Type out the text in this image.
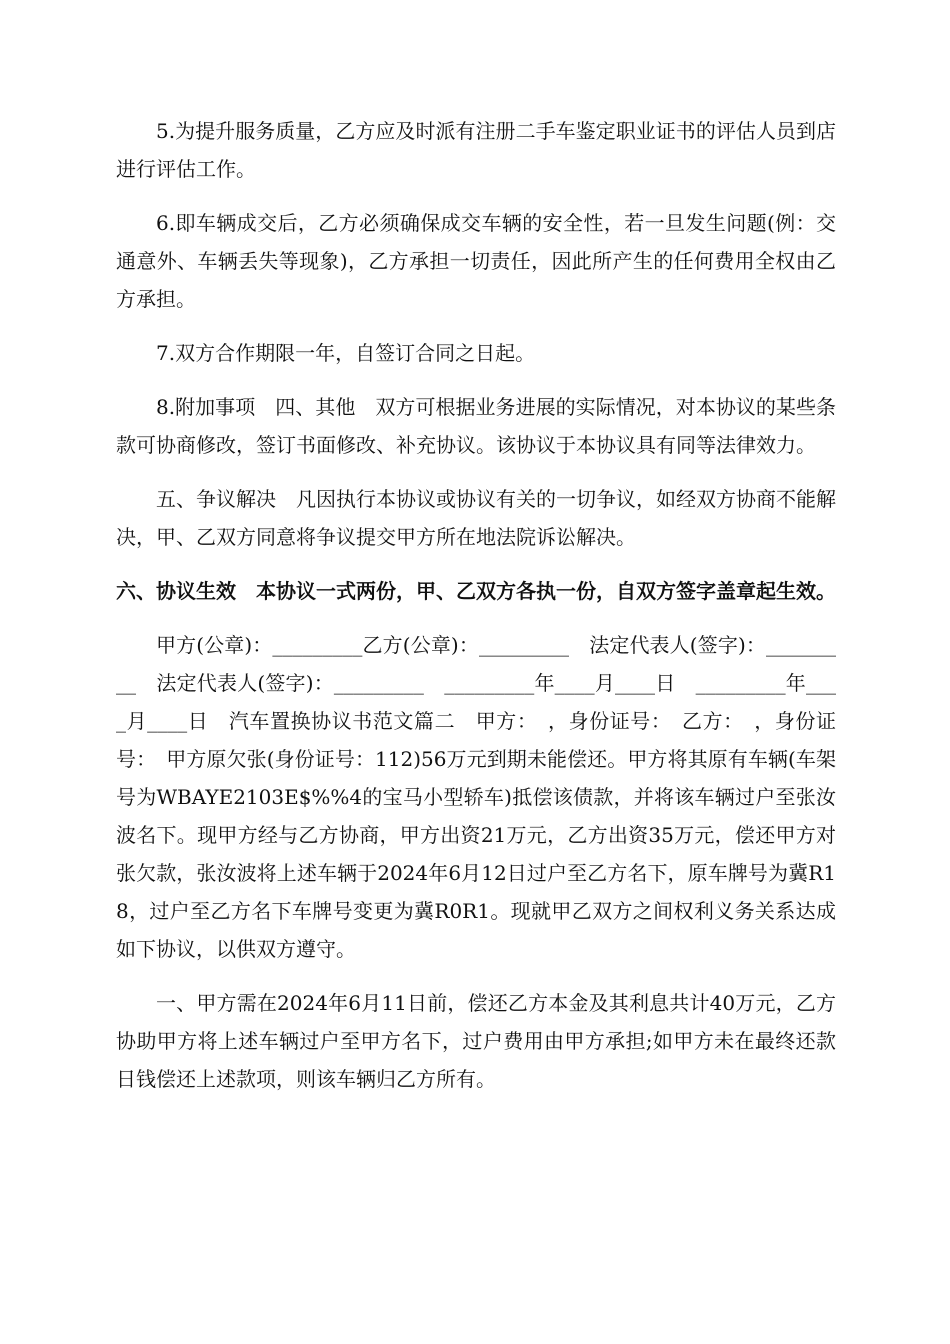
5.为提升服务质量，乙方应及时派有注册二手车鉴定职业证书的评估人员到店进行评估工作。

6.即车辆成交后，乙方必须确保成交车辆的安全性，若一旦发生问题(例：交通意外、车辆丢失等现象)，乙方承担一切责任，因此所产生的任何费用全权由乙方承担。

7.双方合作期限一年，自签订合同之日起。

8.附加事项　四、其他　双方可根据业务进展的实际情况，对本协议的某些条款可协商修改，签订书面修改、补充协议。该协议于本协议具有同等法律效力。

五、争议解决　凡因执行本协议或协议有关的一切争议，如经双方协商不能解决，甲、乙双方同意将争议提交甲方所在地法院诉讼解决。

六、协议生效　本协议一式两份，甲、乙双方各执一份，自双方签字盖章起生效。

甲方(公章)：_________乙方(公章)：_________　法定代表人(签字)：_________　法定代表人(签字)：_________　_________年____月____日　_________年____月____日　汽车置换协议书范文篇二　甲方：　，身份证号：　乙方：　，身份证号：　甲方原欠张(身份证号：112)56万元到期未能偿还。甲方将其原有车辆(车架号为WBAYE2103E$%%4的宝马小型轿车)抵偿该债款，并将该车辆过户至张汝波名下。现甲方经与乙方协商，甲方出资21万元，乙方出资35万元，偿还甲方对张欠款，张汝波将上述车辆于2024年6月12日过户至乙方名下，原车牌号为冀R18，过户至乙方名下车牌号变更为冀R0R1。现就甲乙双方之间权利义务关系达成如下协议，以供双方遵守。

一、甲方需在2024年6月11日前，偿还乙方本金及其利息共计40万元，乙方协助甲方将上述车辆过户至甲方名下，过户费用由甲方承担;如甲方未在最终还款日钱偿还上述款项，则该车辆归乙方所有。
